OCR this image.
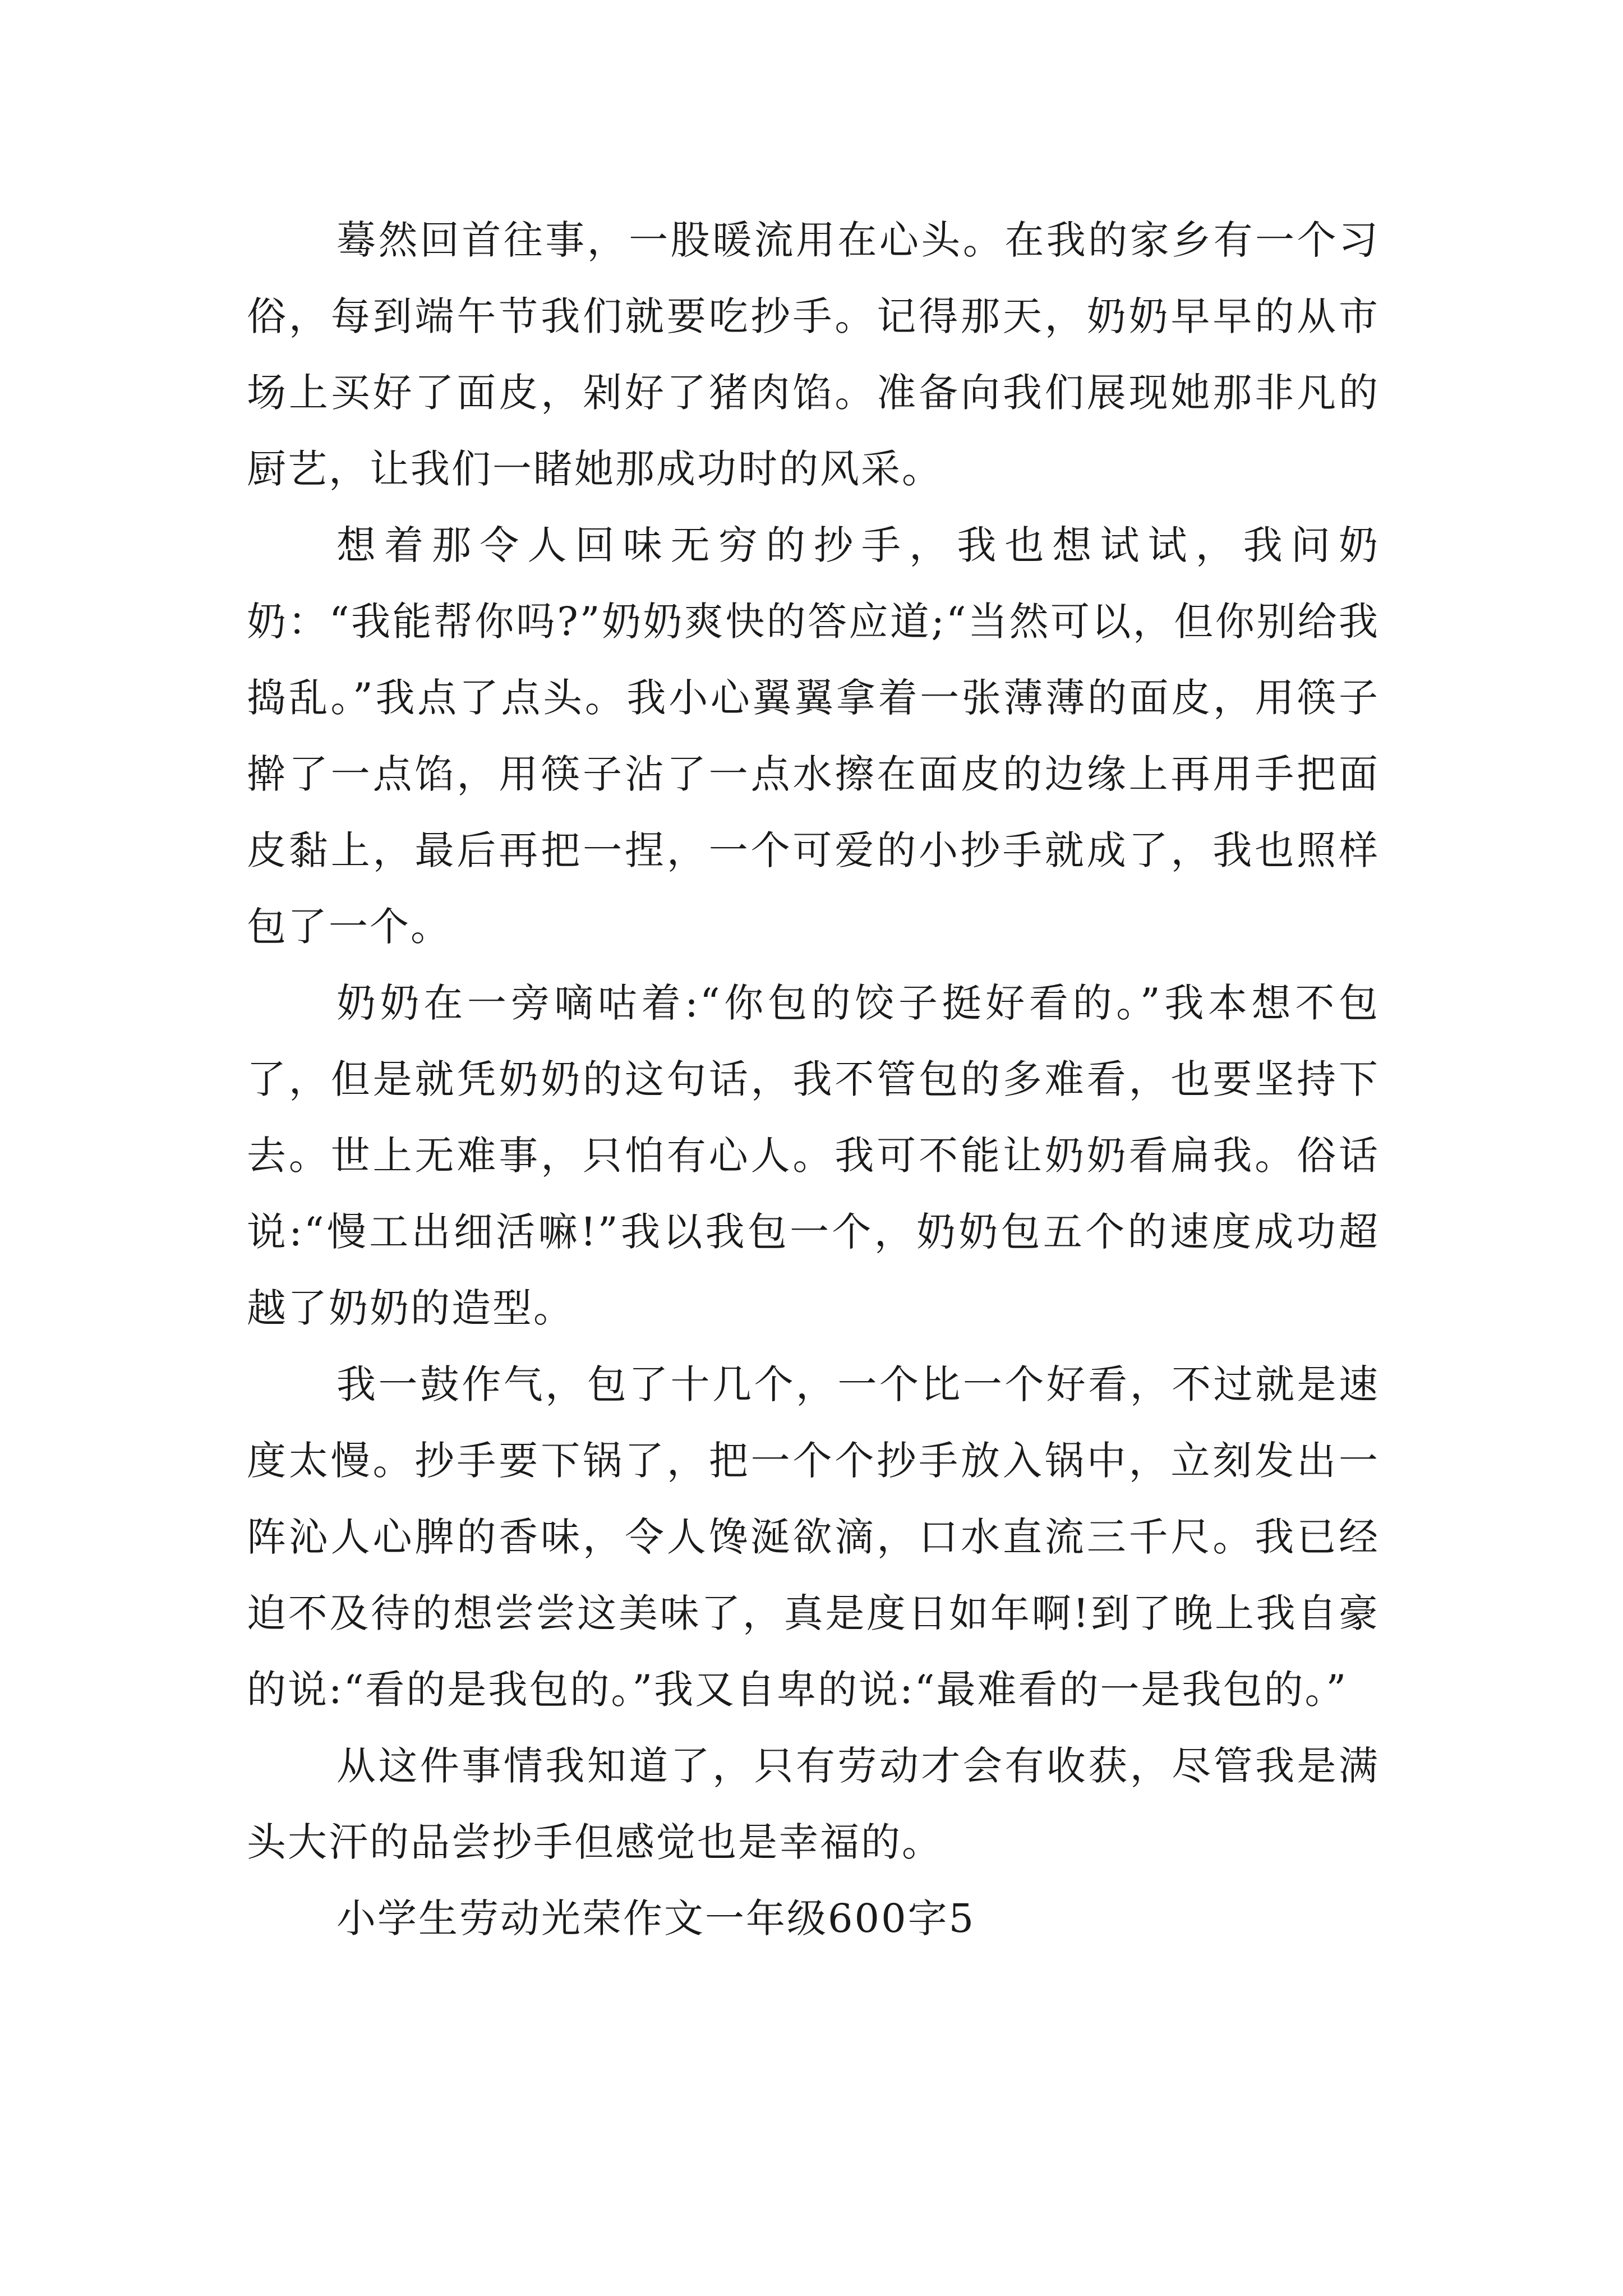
蓦然回首往事，一股暖流用在心头。在我的家乡有一个习俗，每到端午节我们就要吃抄手。记得那天，奶奶早早的从市场上买好了面皮，剁好了猪肉馅。准备向我们展现她那非凡的厨艺，让我们一睹她那成功时的风采。

想着那令人回味无穷的抄手，我也想试试，我问奶奶：“我能帮你吗?”奶奶爽快的答应道;“当然可以，但你别给我捣乱。”我点了点头。我小心翼翼拿着一张薄薄的面皮，用筷子擀了一点馅，用筷子沾了一点水擦在面皮的边缘上再用手把面皮黏上，最后再把一捏，一个可爱的小抄手就成了，我也照样包了一个。

奶奶在一旁嘀咕着:“你包的饺子挺好看的。”我本想不包了，但是就凭奶奶的这句话，我不管包的多难看，也要坚持下去。世上无难事，只怕有心人。我可不能让奶奶看扁我。俗话说:“慢工出细活嘛!”我以我包一个，奶奶包五个的速度成功超越了奶奶的造型。

我一鼓作气，包了十几个，一个比一个好看，不过就是速度太慢。抄手要下锅了，把一个个抄手放入锅中，立刻发出一阵沁人心脾的香味，令人馋涎欲滴，口水直流三千尺。我已经迫不及待的想尝尝这美味了，真是度日如年啊!到了晚上我自豪的说:“看的是我包的。”我又自卑的说:“最难看的一是我包的。”

从这件事情我知道了，只有劳动才会有收获，尽管我是满头大汗的品尝抄手但感觉也是幸福的。

小学生劳动光荣作文一年级600字5
